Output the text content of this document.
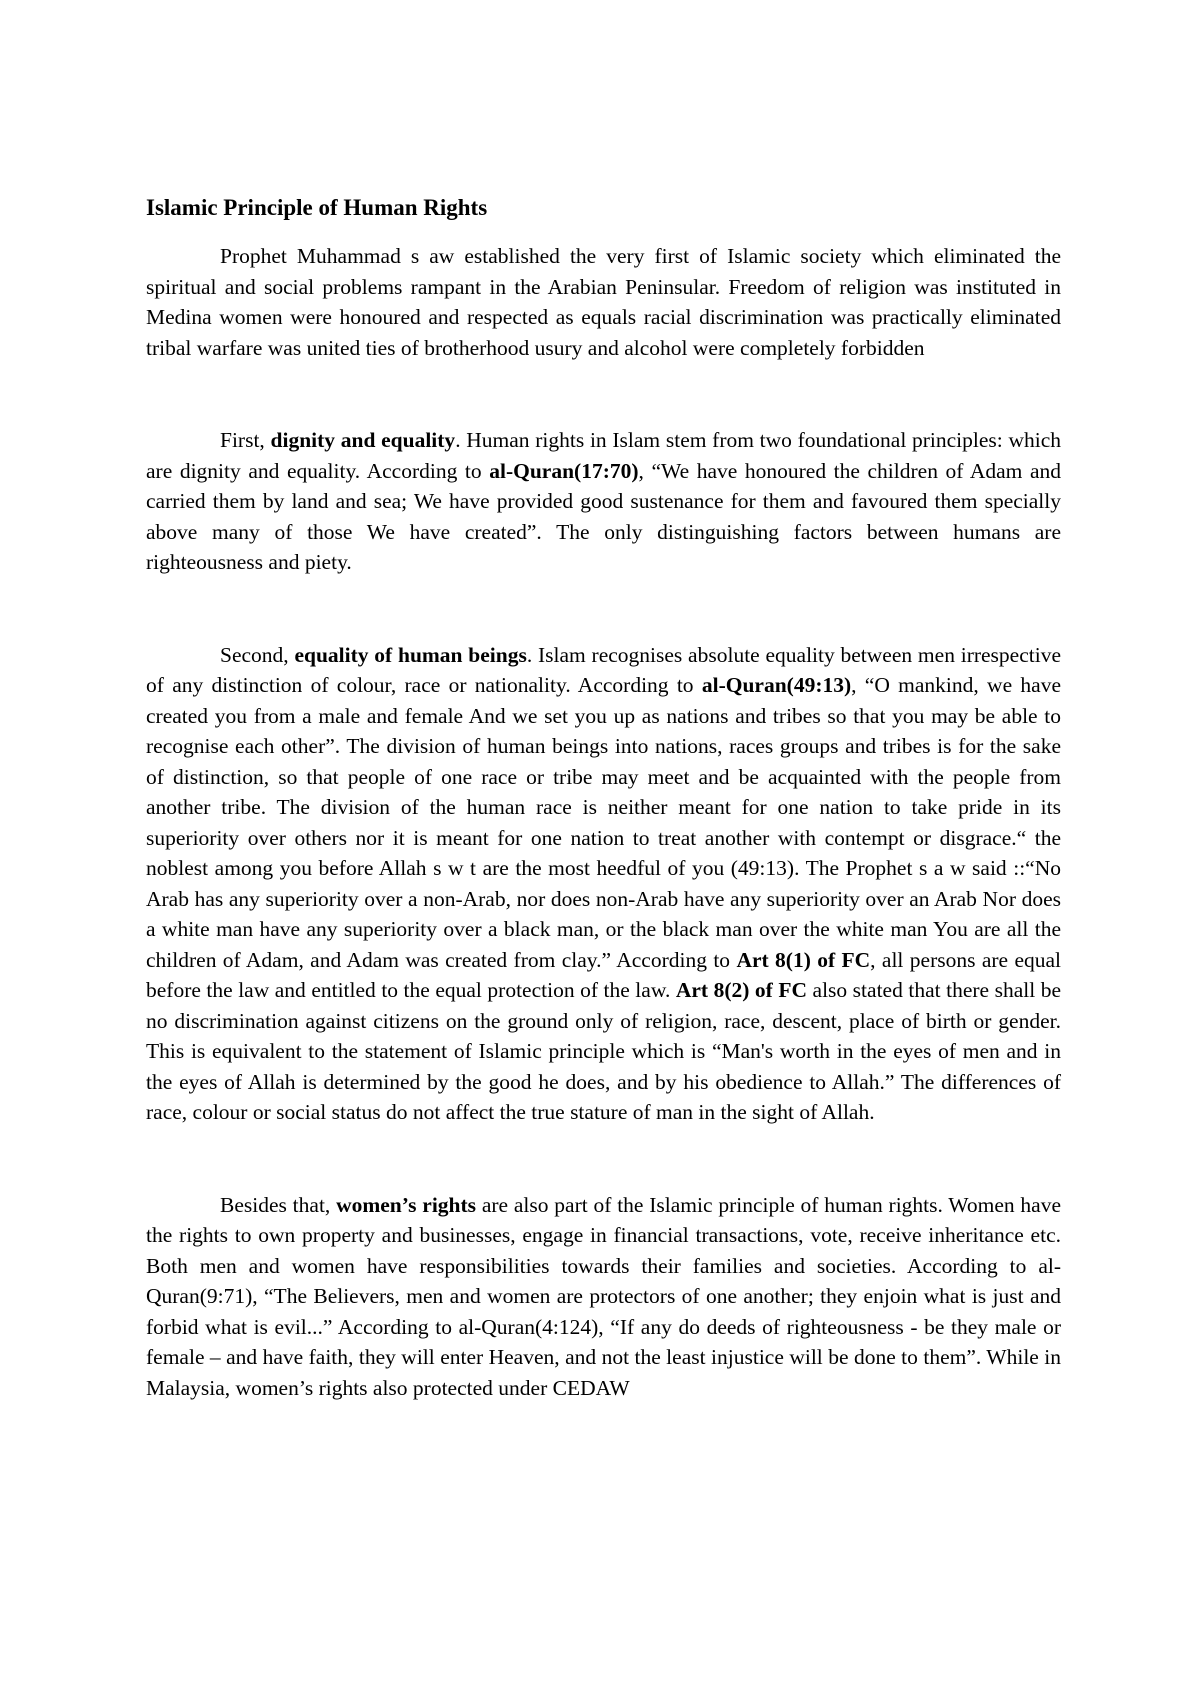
Islamic Principle of Human Rights

Prophet Muhammad s aw established the very first of Islamic society which eliminated the spiritual and social problems rampant in the Arabian Peninsular. Freedom of religion was instituted in Medina women were honoured and respected as equals racial discrimination was practically eliminated tribal warfare was united ties of brotherhood usury and alcohol were completely forbidden

First, dignity and equality. Human rights in Islam stem from two foundational principles: which are dignity and equality. According to al-Quran(17:70), “We have honoured the children of Adam and carried them by land and sea; We have provided good sustenance for them and favoured them specially above many of those We have created”. The only distinguishing factors between humans are righteousness and piety.

Second, equality of human beings. Islam recognises absolute equality between men irrespective of any distinction of colour, race or nationality. According to al-Quran(49:13), “O mankind, we have created you from a male and female And we set you up as nations and tribes so that you may be able to recognise each other”. The division of human beings into nations, races groups and tribes is for the sake of distinction, so that people of one race or tribe may meet and be acquainted with the people from another tribe. The division of the human race is neither meant for one nation to take pride in its superiority over others nor it is meant for one nation to treat another with contempt or disgrace.“ the noblest among you before Allah s w t are the most heedful of you (49:13). The Prophet s a w said ::“No Arab has any superiority over a non-Arab, nor does non-Arab have any superiority over an Arab Nor does a white man have any superiority over a black man, or the black man over the white man You are all the children of Adam, and Adam was created from clay.” According to Art 8(1) of FC, all persons are equal before the law and entitled to the equal protection of the law. Art 8(2) of FC also stated that there shall be no discrimination against citizens on the ground only of religion, race, descent, place of birth or gender. This is equivalent to the statement of Islamic principle which is “Man's worth in the eyes of men and in the eyes of Allah is determined by the good he does, and by his obedience to Allah.” The differences of race, colour or social status do not affect the true stature of man in the sight of Allah.

Besides that, women’s rights are also part of the Islamic principle of human rights. Women have the rights to own property and businesses, engage in financial transactions, vote, receive inheritance etc. Both men and women have responsibilities towards their families and societies. According to al-Quran(9:71), “The Believers, men and women are protectors of one another; they enjoin what is just and forbid what is evil...” According to al-Quran(4:124), “If any do deeds of righteousness - be they male or female – and have faith, they will enter Heaven, and not the least injustice will be done to them”. While in Malaysia, women’s rights also protected under CEDAW
